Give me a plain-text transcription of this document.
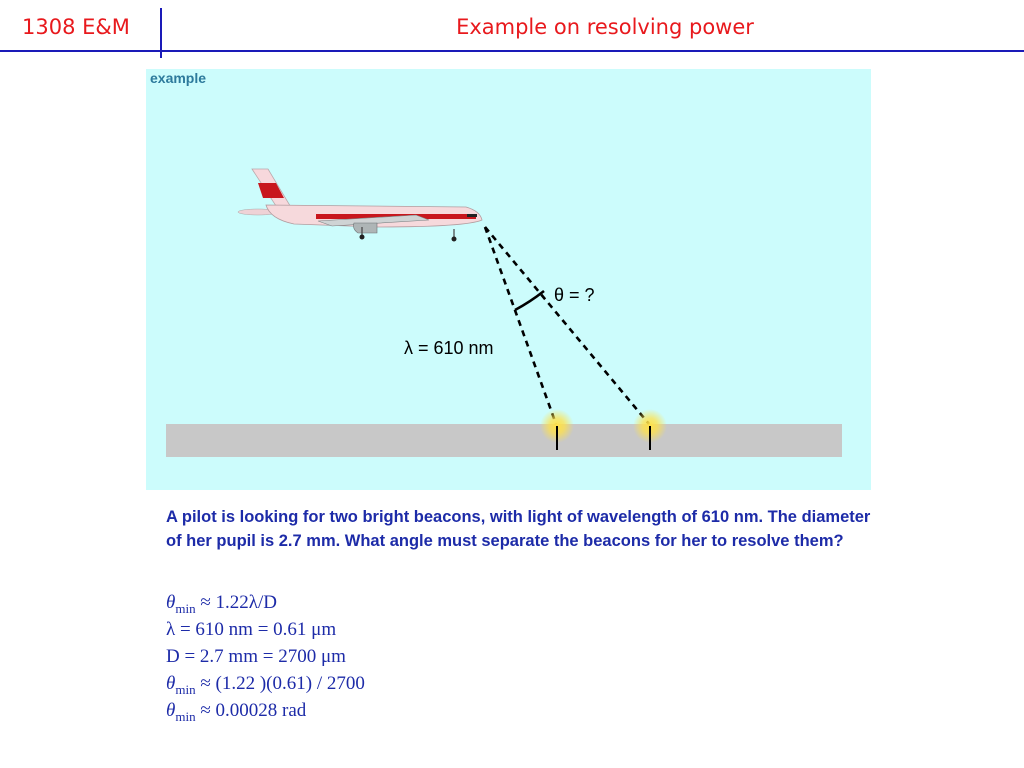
1308 E&M	Example on resolving power
example
θ = ?
λ = 610 nm
A pilot is looking for two bright beacons, with light of wavelength of 610 nm. The diameter of her pupil is 2.7 mm. What angle must separate the beacons for her to resolve them?
$\theta_{min} \approx 1.22\lambda/D$
λ = 610 nm = 0.61 μm
D = 2.7 mm = 2700 μm
$\theta_{min} \approx (1.22$ )(0.61) / 2700
$\theta_{min} \approx 0.00028$ rad
